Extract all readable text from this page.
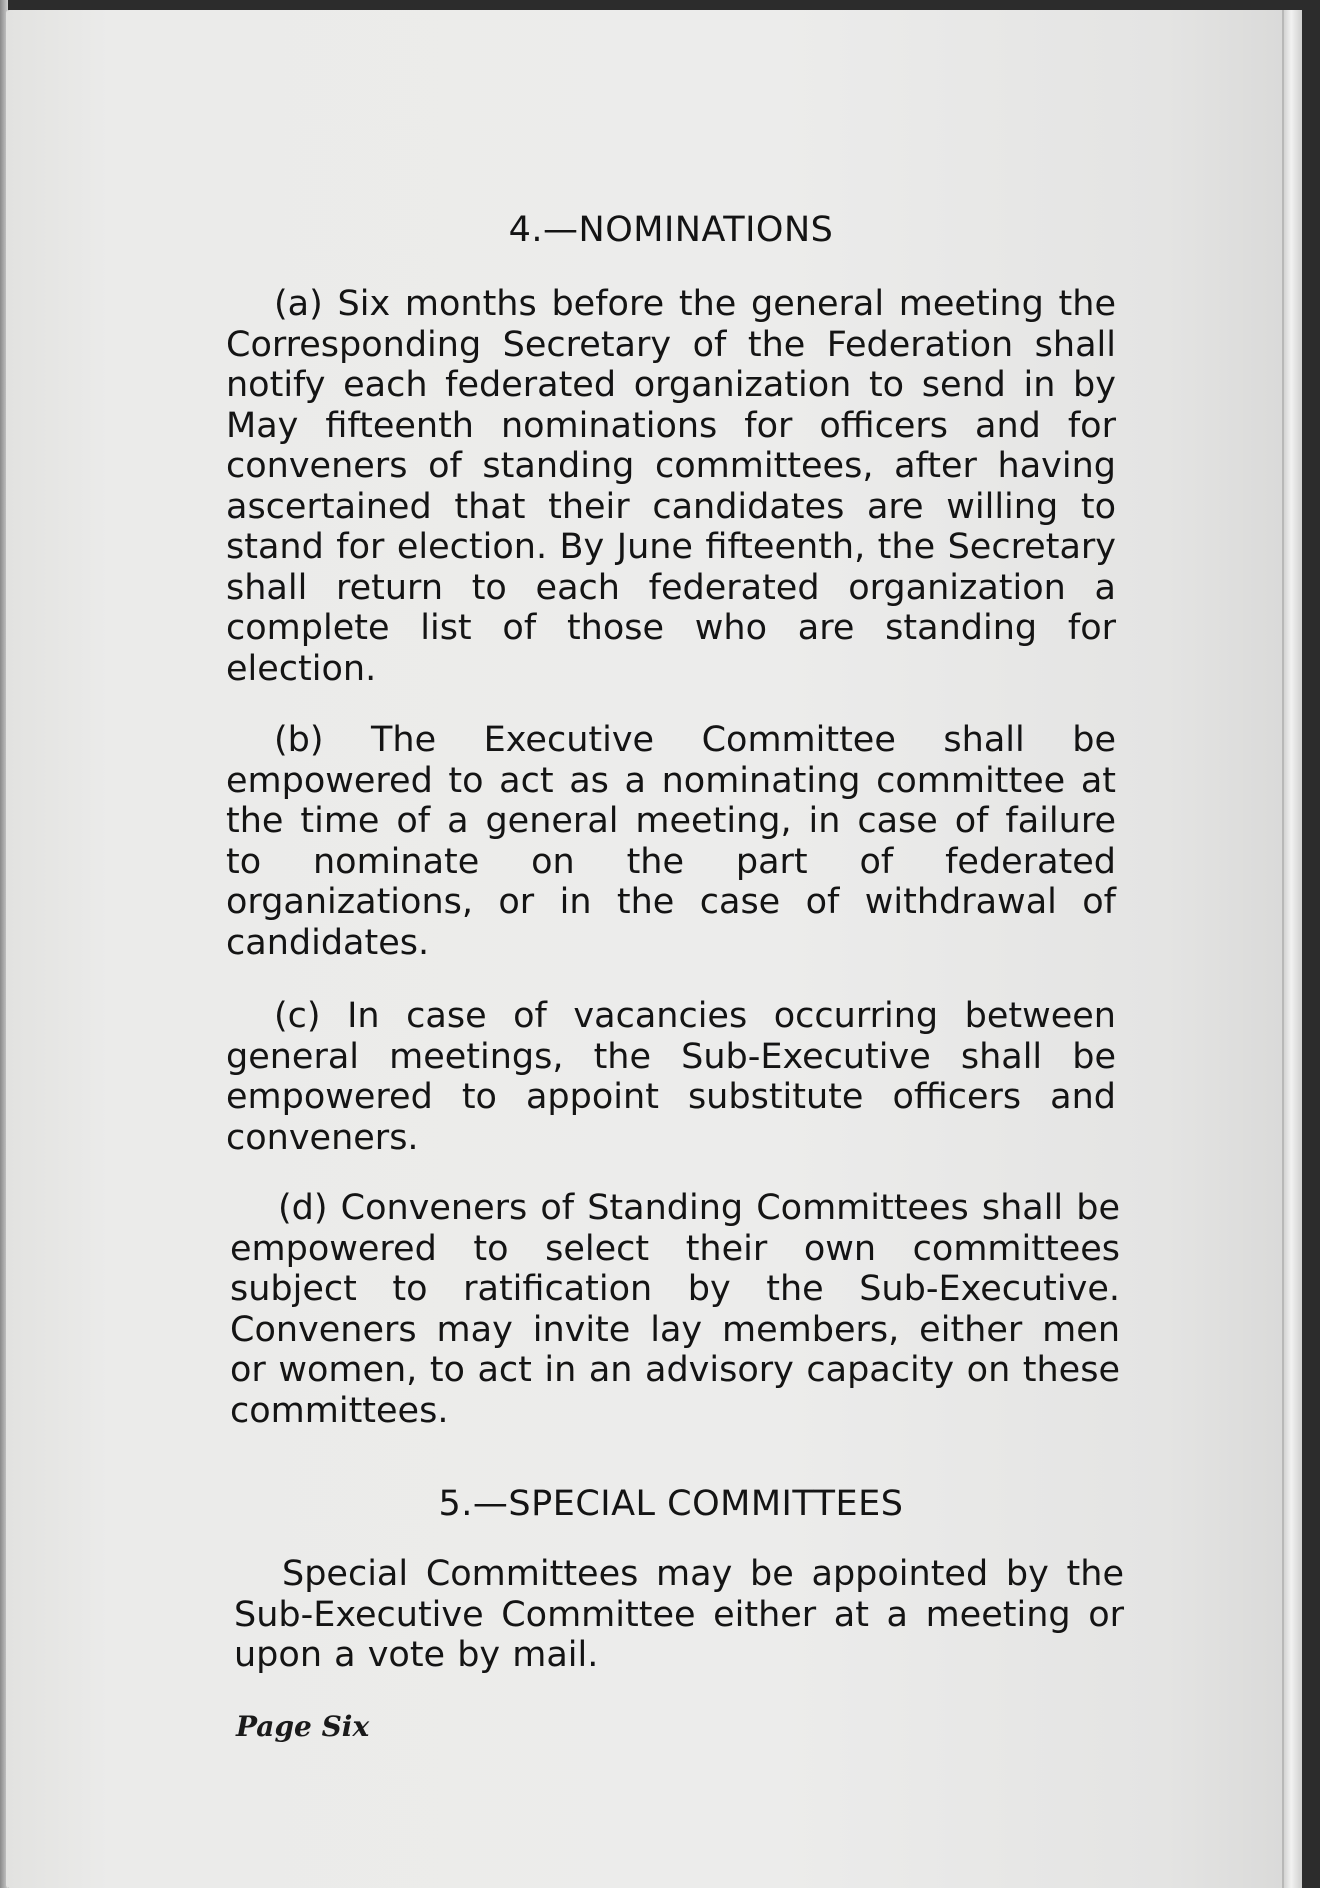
4.—NOMINATIONS

(a) Six months before the general meeting the Corresponding Secretary of the Federation shall notify each federated organization to send in by May fifteenth nominations for officers and for conveners of standing committees, after having ascertained that their candidates are willing to stand for election. By June fifteenth, the Secretary shall return to each federated organization a complete list of those who are standing for election.

(b) The Executive Committee shall be empowered to act as a nominating committee at the time of a general meeting, in case of failure to nominate on the part of federated organizations, or in the case of withdrawal of candidates.

(c) In case of vacancies occurring between general meetings, the Sub-Executive shall be empowered to appoint substitute officers and conveners.

(d) Conveners of Standing Committees shall be empowered to select their own committees subject to ratification by the Sub-Executive. Conveners may invite lay members, either men or women, to act in an advisory capacity on these committees.

5.—SPECIAL COMMITTEES

Special Committees may be appointed by the Sub-Executive Committee either at a meeting or upon a vote by mail.

Page Six
